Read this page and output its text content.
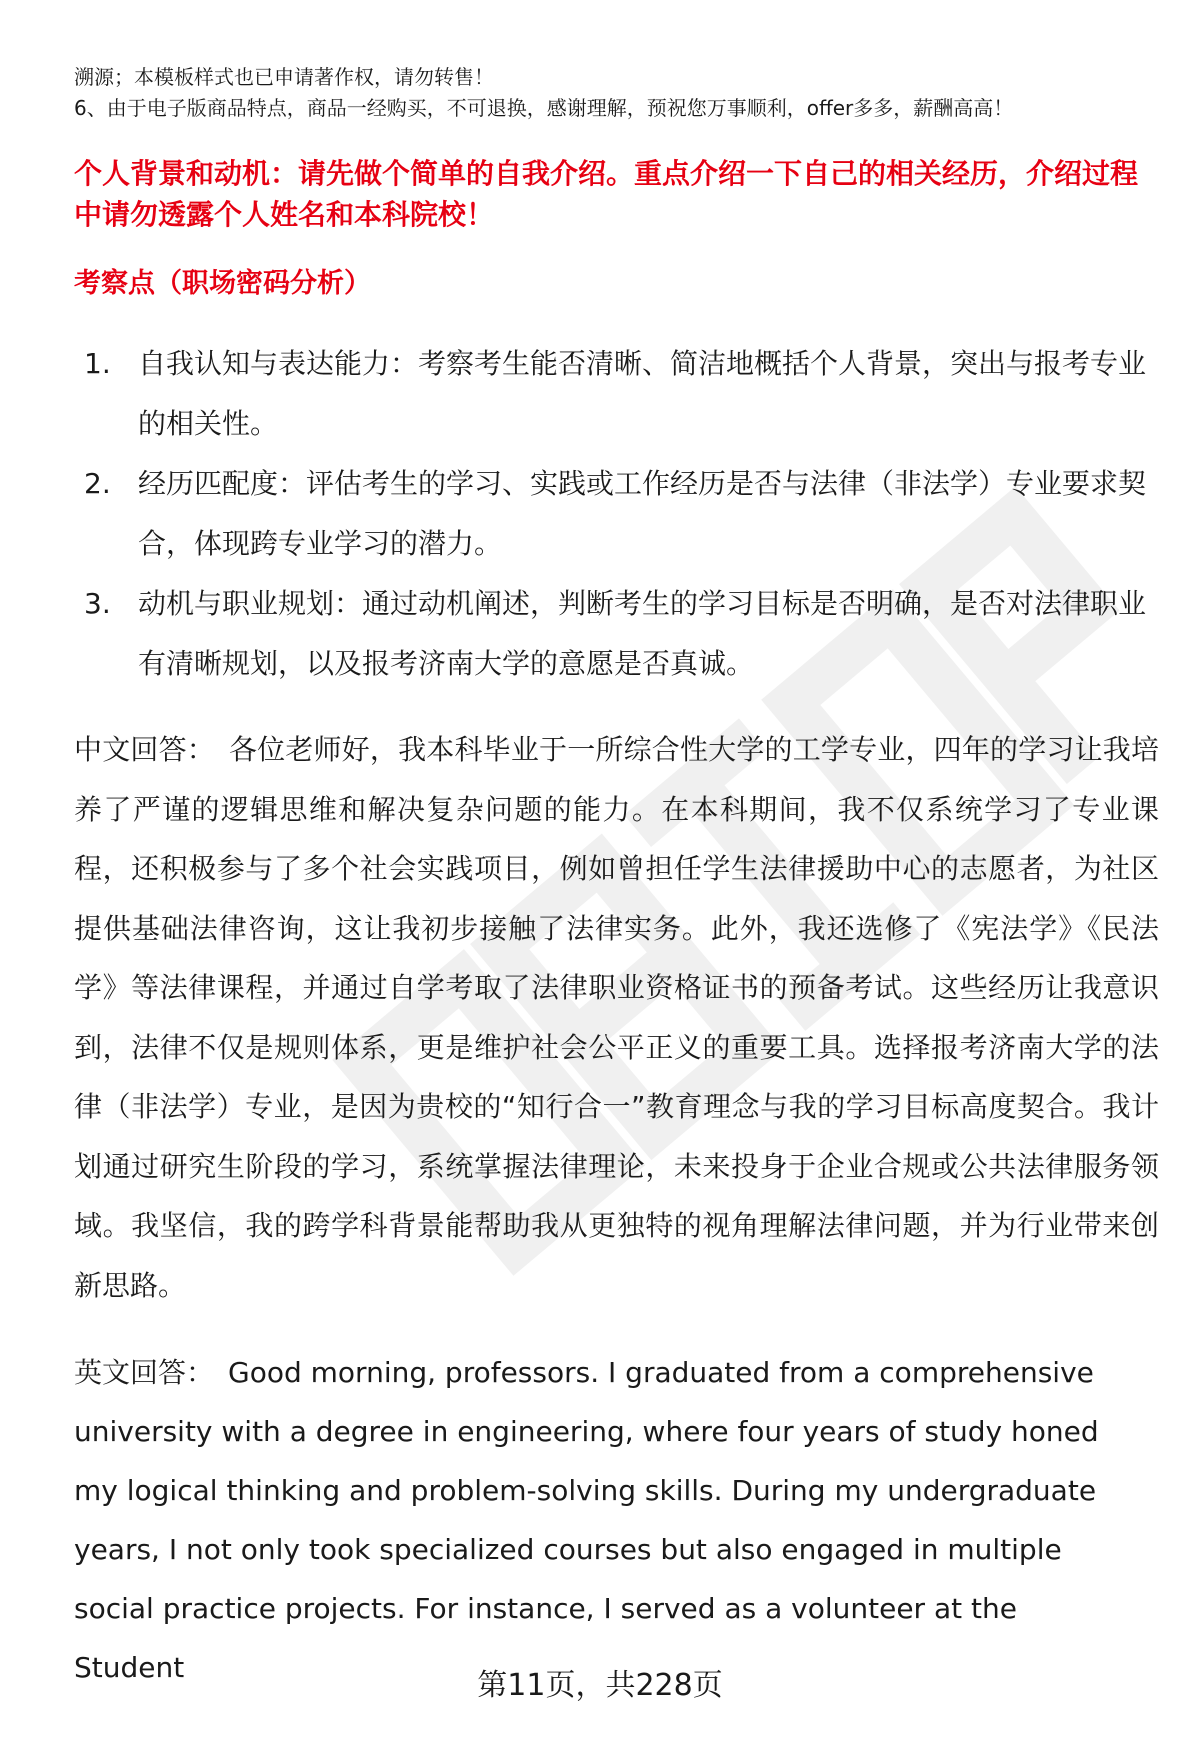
溯源；本模板样式也已申请著作权，请勿转售！
6、由于电子版商品特点，商品一经购买，不可退换，感谢理解，预祝您万事顺利，offer多多，薪酬高高！
个人背景和动机：请先做个简单的自我介绍。重点介绍一下自己的相关经历，介绍过程中请勿透露个人姓名和本科院校！
考察点（职场密码分析）
1. 自我认知与表达能力：考察考生能否清晰、简洁地概括个人背景，突出与报考专业的相关性。
2. 经历匹配度：评估考生的学习、实践或工作经历是否与法律（非法学）专业要求契合，体现跨专业学习的潜力。
3. 动机与职业规划：通过动机阐述，判断考生的学习目标是否明确，是否对法律职业有清晰规划，以及报考济南大学的意愿是否真诚。

中文回答： 各位老师好，我本科毕业于一所综合性大学的工学专业，四年的学习让我培养了严谨的逻辑思维和解决复杂问题的能力。在本科期间，我不仅系统学习了专业课程，还积极参与了多个社会实践项目，例如曾担任学生法律援助中心的志愿者，为社区提供基础法律咨询，这让我初步接触了法律实务。此外，我还选修了《宪法学》《民法学》等法律课程，并通过自学考取了法律职业资格证书的预备考试。这些经历让我意识到，法律不仅是规则体系，更是维护社会公平正义的重要工具。选择报考济南大学的法律（非法学）专业，是因为贵校的“知行合一”教育理念与我的学习目标高度契合。我计划通过研究生阶段的学习，系统掌握法律理论，未来投身于企业合规或公共法律服务领域。我坚信，我的跨学科背景能帮助我从更独特的视角理解法律问题，并为行业带来创新思路。

英文回答： Good morning, professors. I graduated from a comprehensive university with a degree in engineering, where four years of study honed my logical thinking and problem-solving skills. During my undergraduate years, I not only took specialized courses but also engaged in multiple social practice projects. For instance, I served as a volunteer at the Student

第11页，共228页
